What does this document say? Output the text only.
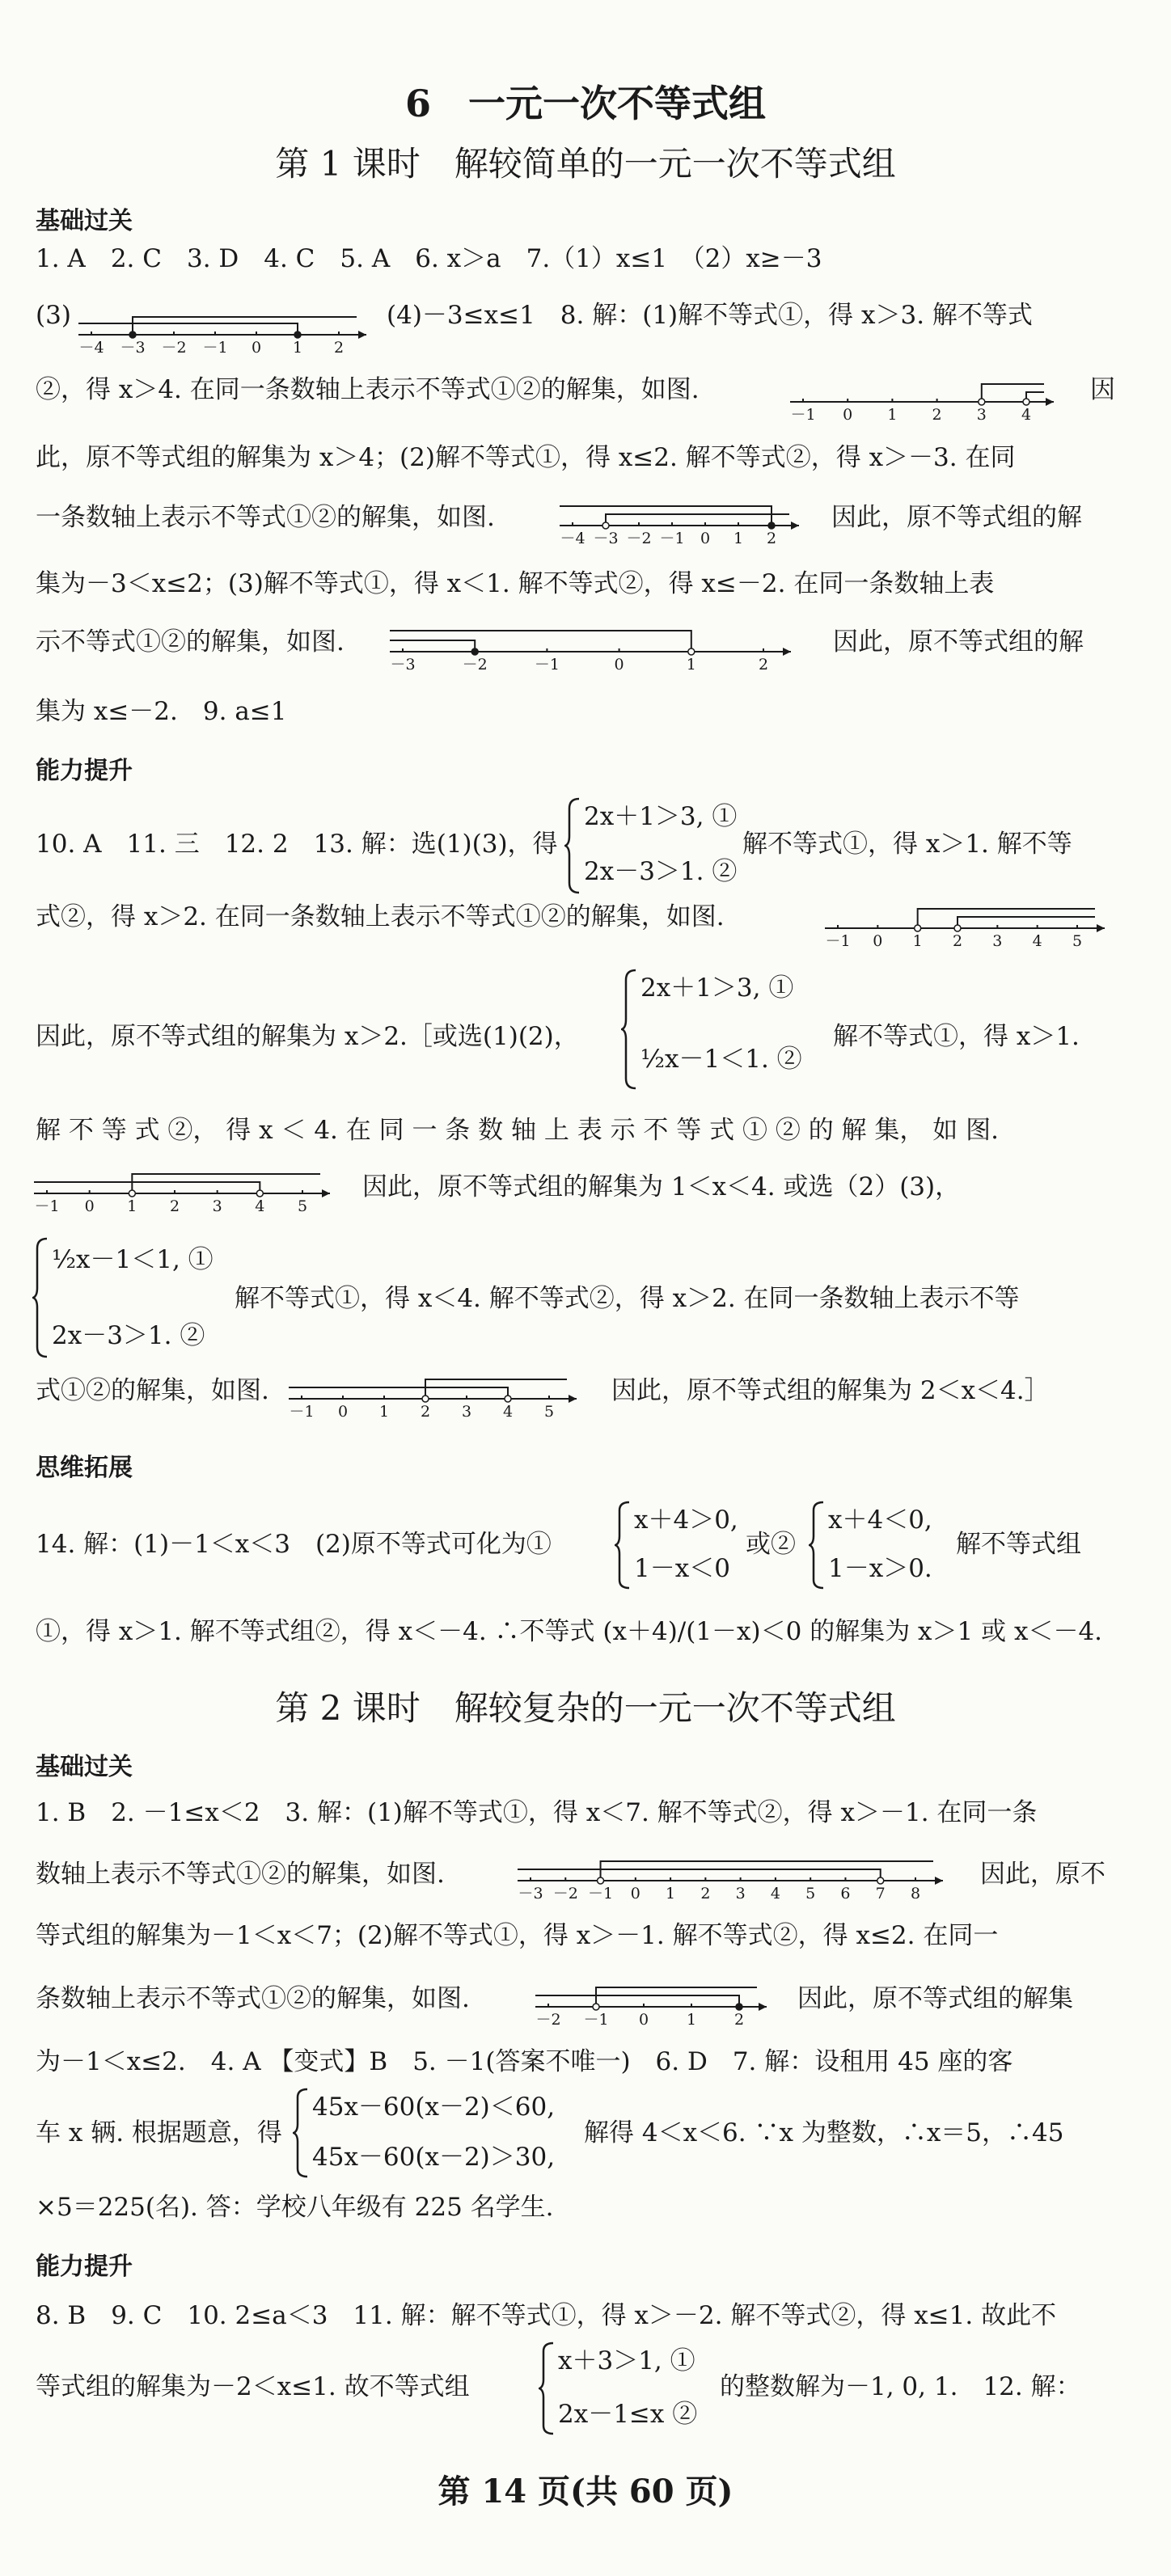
6　一元一次不等式组
第 1 课时　解较简单的一元一次不等式组
基础过关
1. A　2. C　3. D　4. C　5. A　6. x＞a　7.（1）x≤1　（2）x≥－3
(3)
－4 －3 －2 －1 0 1 2
(4)－3≤x≤1　8. 解：(1)解不等式①，得 x＞3. 解不等式
②，得 x＞4. 在同一条数轴上表示不等式①②的解集，如图.
－1 0 1 2 3 4
因
此，原不等式组的解集为 x＞4；(2)解不等式①，得 x≤2. 解不等式②，得 x＞－3. 在同
一条数轴上表示不等式①②的解集，如图.
－4 －3 －2 －1 0 1 2
因此，原不等式组的解
集为－3＜x≤2；(3)解不等式①，得 x＜1. 解不等式②，得 x≤－2. 在同一条数轴上表
示不等式①②的解集，如图.
－3	－2	－1	0	1	2
因此，原不等式组的解
集为 x≤－2.　9. a≤1
能力提升
10. A　11. 三　12. 2　13. 解：选(1)(3)，得
2x＋1＞3, ①
2x－3＞1. ②
解不等式①，得 x＞1. 解不等
式②，得 x＞2. 在同一条数轴上表示不等式①②的解集，如图.
－1 0 1 2 3 4 5
2x＋1＞3, ①
½x－1＜1. ②
因此，原不等式组的解集为 x＞2.［或选(1)(2)，	解不等式①，得 x＞1.
解 不 等 式 ②， 得 x ＜ 4. 在 同 一 条 数 轴 上 表 示 不 等 式 ① ② 的 解 集， 如 图.
－1 0 1 2 3 4 5
因此，原不等式组的解集为 1＜x＜4. 或选（2）(3)，
½x－1＜1, ①
2x－3＞1. ②
解不等式①，得 x＜4. 解不等式②，得 x＞2. 在同一条数轴上表示不等
式①②的解集，如图.
－1 0 1 2 3 4 5
因此，原不等式组的解集为 2＜x＜4.］
思维拓展
14. 解：(1)－1＜x＜3　(2)原不等式可化为①
x＋4＞0,
1－x＜0
或②
x＋4＜0,
1－x＞0.
解不等式组
①，得 x＞1. 解不等式组②，得 x＜－4. ∴不等式 (x＋4)/(1－x)＜0 的解集为 x＞1 或 x＜－4.
第 2 课时　解较复杂的一元一次不等式组
基础过关
1. B　2. －1≤x＜2　3. 解：(1)解不等式①，得 x＜7. 解不等式②，得 x＞－1. 在同一条
数轴上表示不等式①②的解集，如图.
－3 －2 －1 0 1 2 3 4 5 6 7 8
因此，原不
等式组的解集为－1＜x＜7；(2)解不等式①，得 x＞－1. 解不等式②，得 x≤2. 在同一
条数轴上表示不等式①②的解集，如图.
－2 －1 0 1 2
因此，原不等式组的解集
为－1＜x≤2.　4. A 【变式】B　5. －1(答案不唯一)　6. D　7. 解：设租用 45 座的客
车 x 辆. 根据题意，得
45x－60(x－2)＜60,
45x－60(x－2)＞30,
解得 4＜x＜6. ∵x 为整数，∴x＝5，∴45
×5＝225(名). 答：学校八年级有 225 名学生.
能力提升
8. B　9. C　10. 2≤a＜3　11. 解：解不等式①，得 x＞－2. 解不等式②，得 x≤1. 故此不
等式组的解集为－2＜x≤1. 故不等式组
x＋3＞1, ①
2x－1≤x ②
的整数解为－1, 0, 1.　12. 解：
第 14 页(共 60 页)
